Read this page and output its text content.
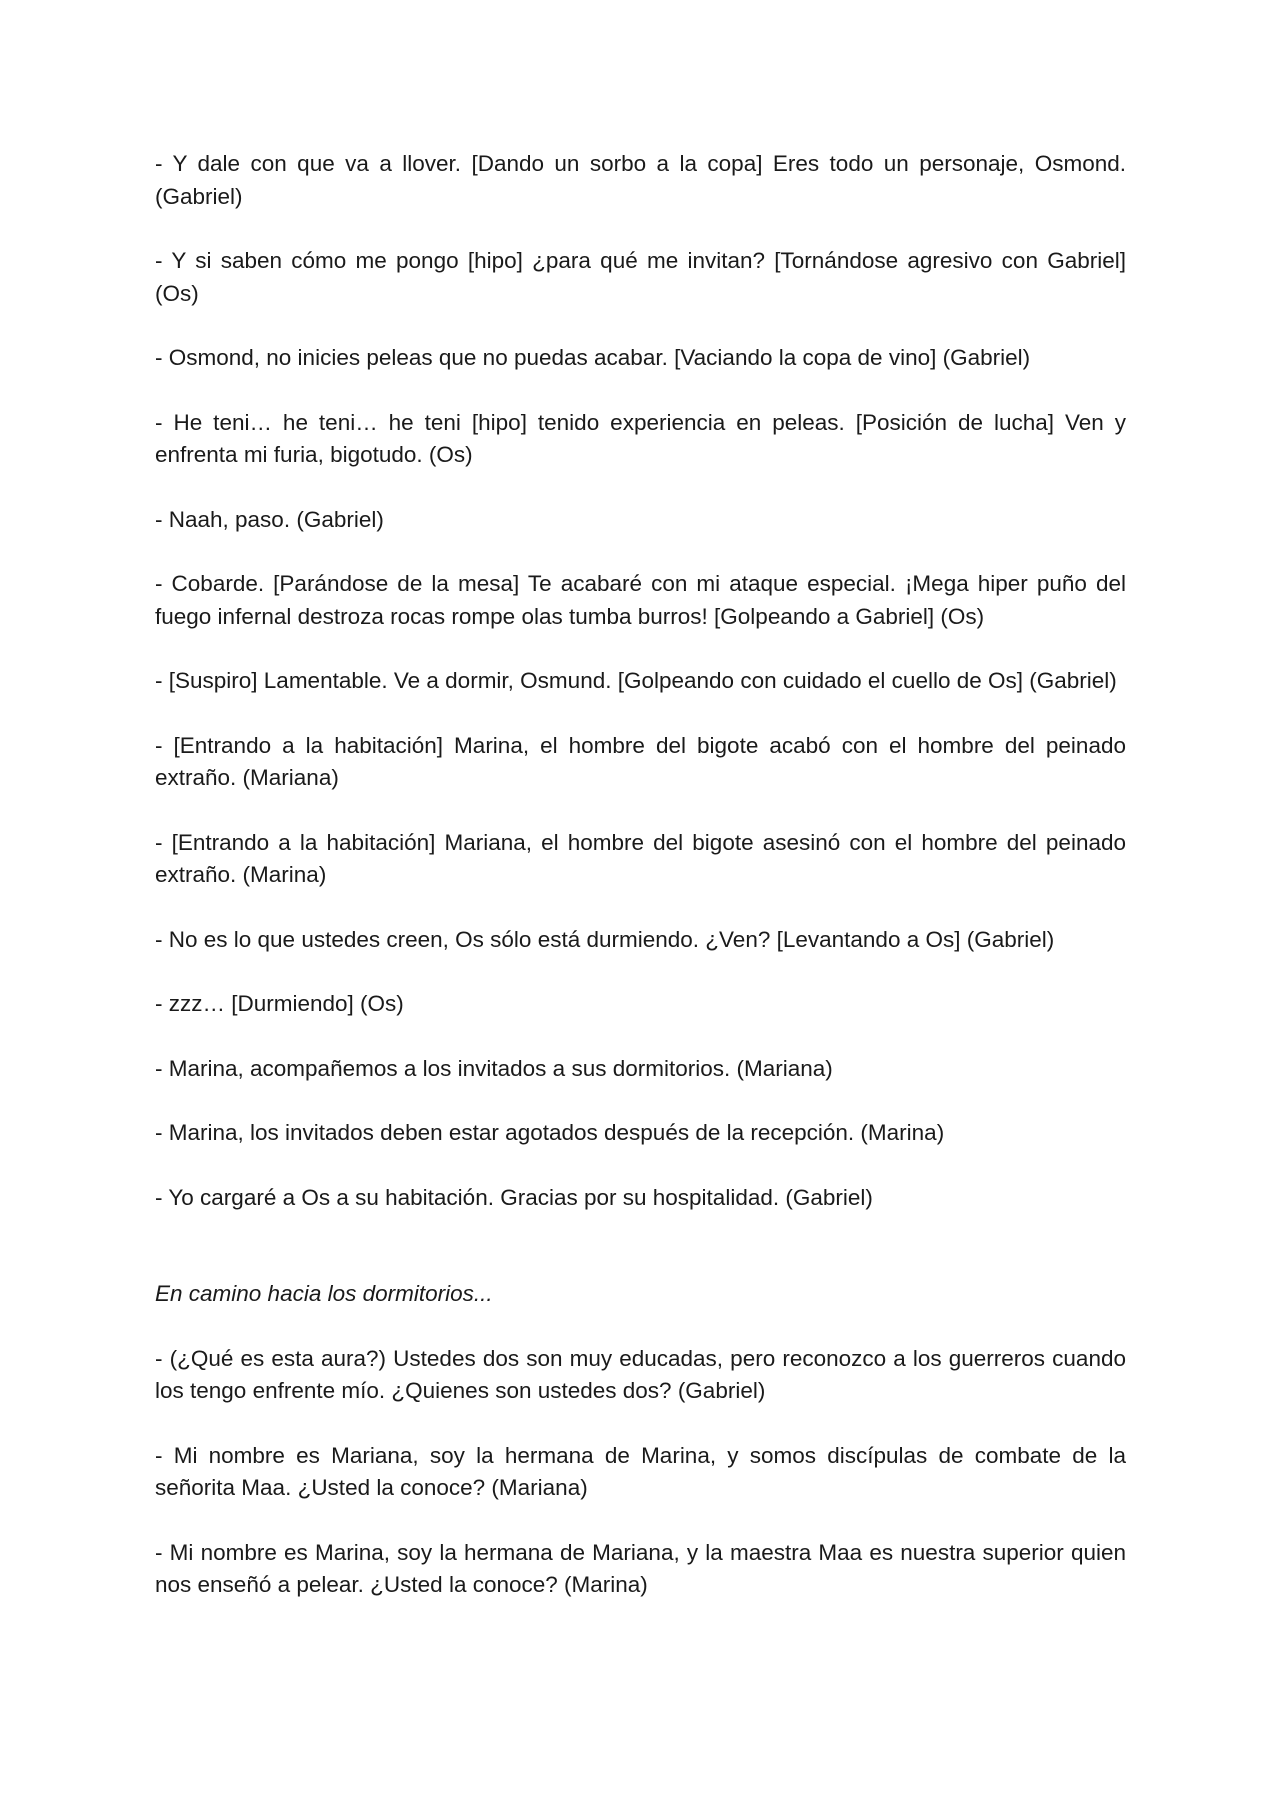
- Y dale con que va a llover. [Dando un sorbo a la copa] Eres todo un personaje, Osmond. (Gabriel)

- Y si saben cómo me pongo [hipo] ¿para qué me invitan? [Tornándose agresivo con Gabriel] (Os)

- Osmond, no inicies peleas que no puedas acabar. [Vaciando la copa de vino] (Gabriel)

- He teni… he teni… he teni [hipo] tenido experiencia en peleas. [Posición de lucha] Ven y enfrenta mi furia, bigotudo. (Os)

- Naah, paso. (Gabriel)

- Cobarde. [Parándose de la mesa] Te acabaré con mi ataque especial. ¡Mega hiper puño del fuego infernal destroza rocas rompe olas tumba burros! [Golpeando a Gabriel] (Os)

- [Suspiro] Lamentable. Ve a dormir, Osmund. [Golpeando con cuidado el cuello de Os] (Gabriel)

- [Entrando a la habitación] Marina, el hombre del bigote acabó con el hombre del peinado extraño. (Mariana)

- [Entrando a la habitación] Mariana, el hombre del bigote asesinó con el hombre del peinado extraño. (Marina)

- No es lo que ustedes creen, Os sólo está durmiendo. ¿Ven? [Levantando a Os] (Gabriel)

- zzz… [Durmiendo] (Os)

- Marina, acompañemos a los invitados a sus dormitorios. (Mariana)

- Marina, los invitados deben estar agotados después de la recepción. (Marina)

- Yo cargaré a Os a su habitación. Gracias por su hospitalidad. (Gabriel)

En camino hacia los dormitorios...

- (¿Qué es esta aura?) Ustedes dos son muy educadas, pero reconozco a los guerreros cuando los tengo enfrente mío. ¿Quienes son ustedes dos? (Gabriel)

- Mi nombre es Mariana, soy la hermana de Marina, y somos discípulas de combate de la señorita Maa. ¿Usted la conoce? (Mariana)

- Mi nombre es Marina, soy la hermana de Mariana, y la maestra Maa es nuestra superior quien nos enseñó a pelear. ¿Usted la conoce? (Marina)
